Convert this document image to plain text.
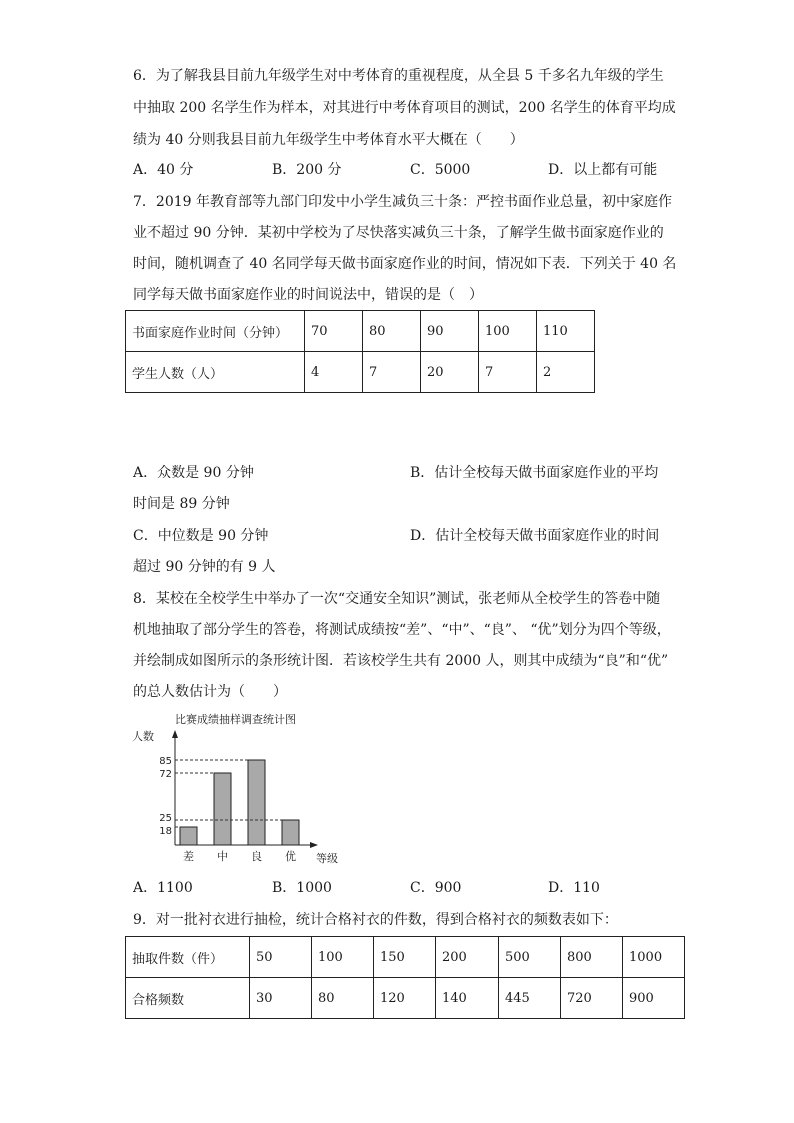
6．为了解我县目前九年级学生对中考体育的重视程度，从全县 5 千多名九年级的学生
中抽取 200 名学生作为样本，对其进行中考体育项目的测试，200 名学生的体育平均成
绩为 40 分则我县目前九年级学生中考体育水平大概在（　　）
A．40 分	B．200 分	C．5000	D．以上都有可能
7．2019 年教育部等九部门印发中小学生减负三十条：严控书面作业总量，初中家庭作
业不超过 90 分钟．某初中学校为了尽快落实减负三十条，了解学生做书面家庭作业的
时间，随机调查了 40 名同学每天做书面家庭作业的时间，情况如下表．下列关于 40 名
同学每天做书面家庭作业的时间说法中，错误的是（　）
书面家庭作业时间（分钟）	70	80	90	100	110
学生人数（人）	4	7	20	7	2
A．众数是 90 分钟	B．估计全校每天做书面家庭作业的平均
时间是 89 分钟
C．中位数是 90 分钟	D．估计全校每天做书面家庭作业的时间
超过 90 分钟的有 9 人
8．某校在全校学生中举办了一次“交通安全知识”测试，张老师从全校学生的答卷中随
机地抽取了部分学生的答卷，将测试成绩按“差”、“中”、“良”、 “优”划分为四个等级，
并绘制成如图所示的条形统计图．若该校学生共有 2000 人，则其中成绩为“良”和“优”
的总人数估计为（　　）
比赛成绩抽样调查统计图
人数
等级
差 中 良 优
18
25
72
85
A．1100	B．1000	C．900	D．110
9．对一批衬衣进行抽检，统计合格衬衣的件数，得到合格衬衣的频数表如下：
抽取件数（件）	50	100	150	200	500	800	1000
合格频数	30	80	120	140	445	720	900
